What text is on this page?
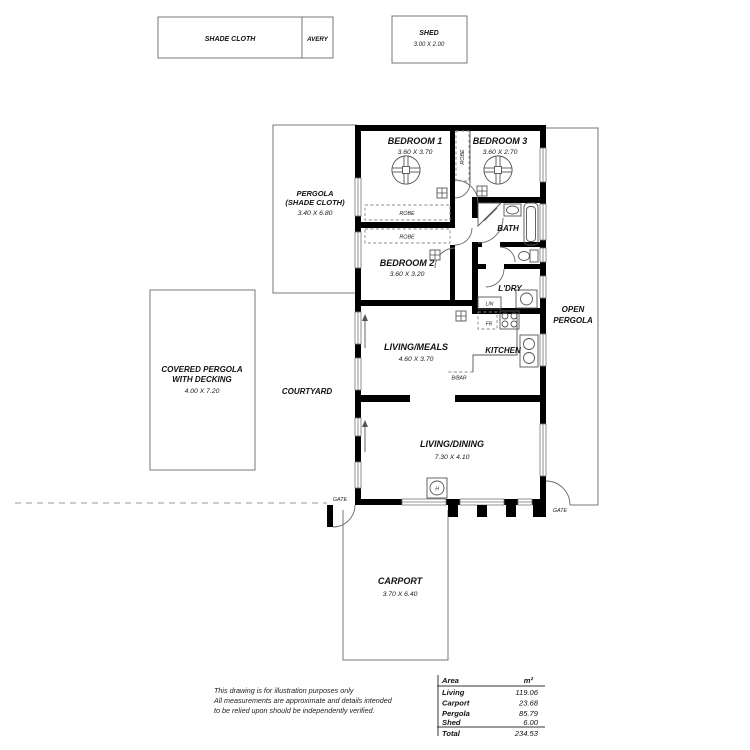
SHADE CLOTH	AVERY
SHED
3.00 X 2.00
ROBE
ROBE
ROBE
LIN
FR
B/BAR
H
BEDROOM 1
3.60 X 3.70
BEDROOM 3
3.60 X 2.70
BEDROOM 2
3.60 X 3.20
BATH
L'DRY
KITCHEN
LIVING/MEALS
4.60 X 3.70
LIVING/DINING
7.30 X 4.10
OPEN
PERGOLA
PERGOLA
(SHADE CLOTH)
3.40 X 6.80
COVERED PERGOLA
WITH DECKING
4.00 X 7.20	COURTYARD
CARPORT
3.70 X 6.40
GATE
GATE
This drawing is for illustration purposes only
All measurements are approximate and details intended
to be relied upon should be independently verified.
Area	m²
Living	119.06
Carport	23.68
Pergola	85.79
Shed	6.00
Total	234.53
